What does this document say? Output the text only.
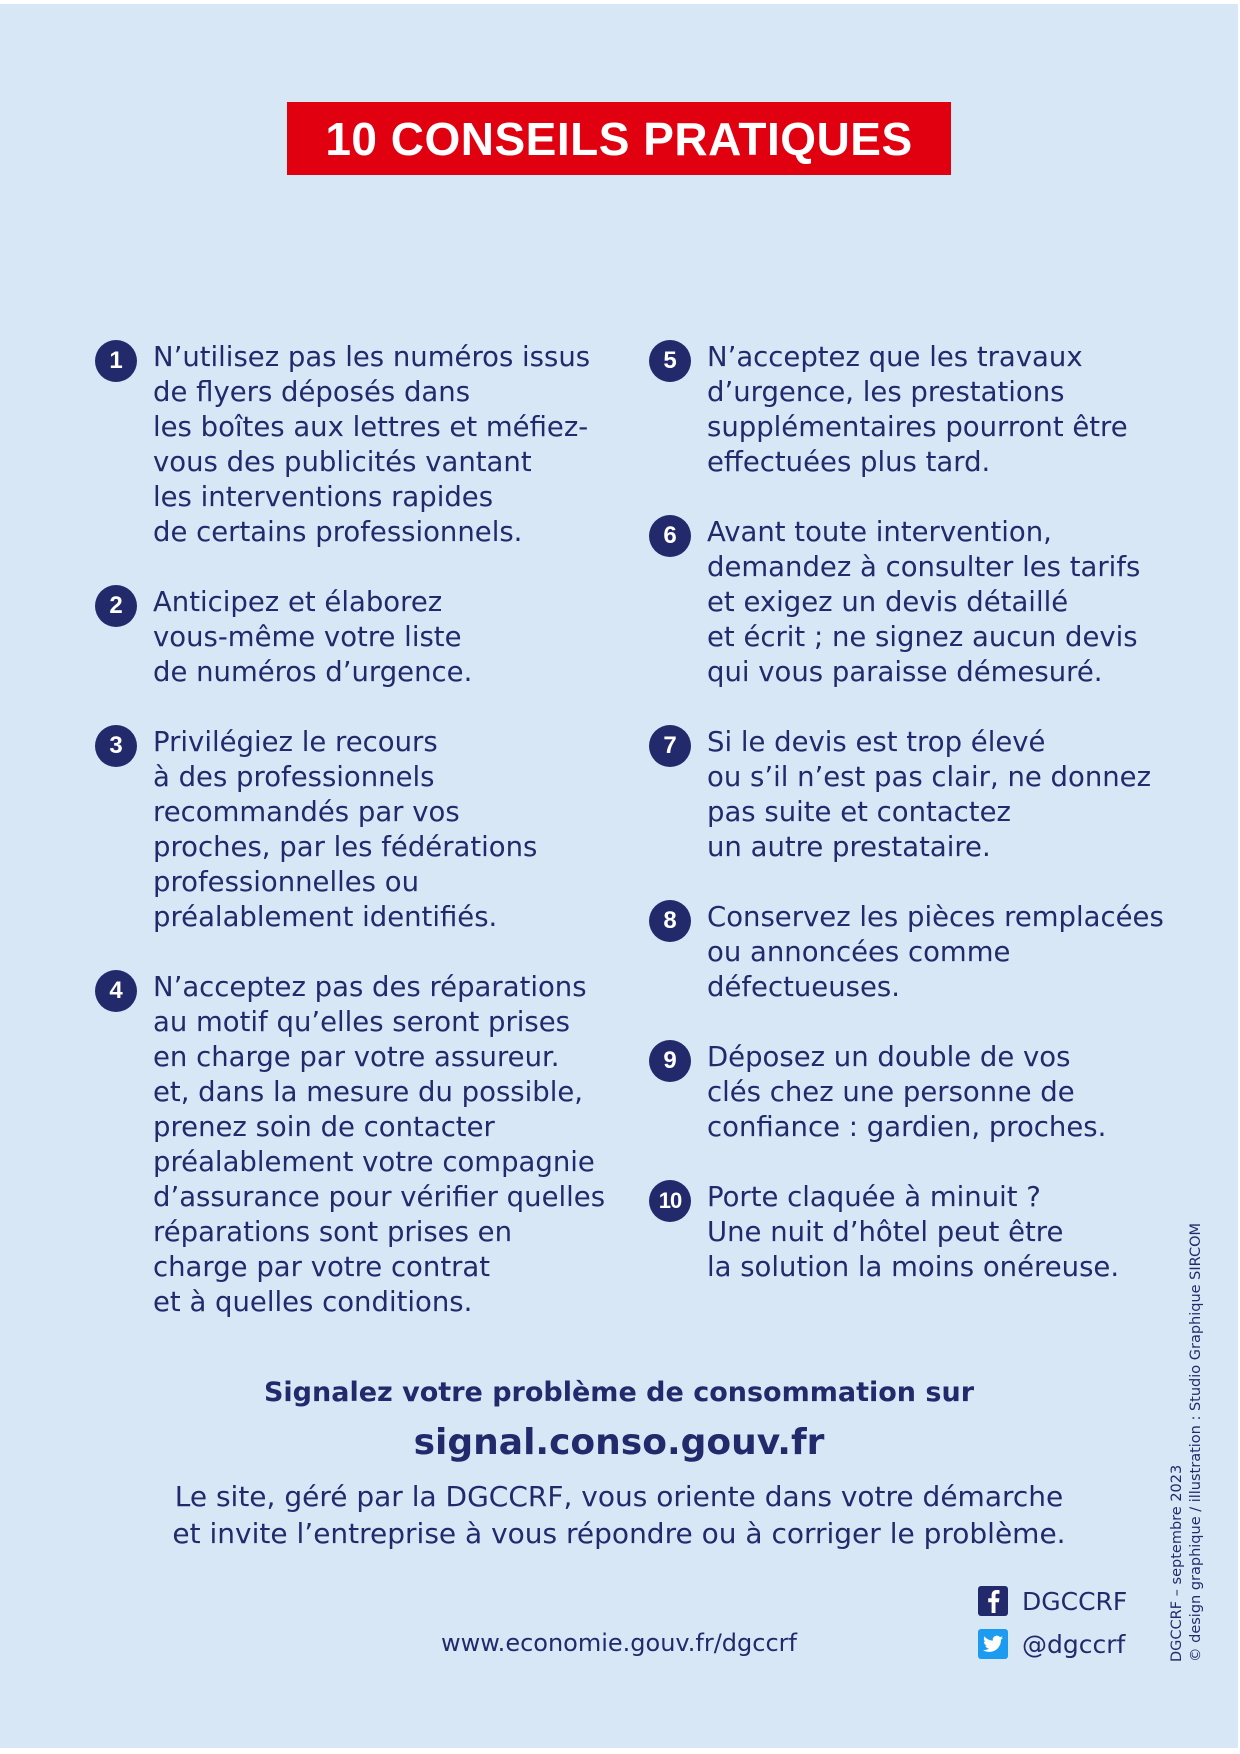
10 CONSEILS PRATIQUES
1	N’utilisez pas les numéros issus
de flyers déposés dans
les boîtes aux lettres et méfiez-
vous des publicités vantant
les interventions rapides
de certains professionnels.
2	Anticipez et élaborez
vous-même votre liste
de numéros d’urgence.
3	Privilégiez le recours
à des professionnels
recommandés par vos
proches, par les fédérations
professionnelles ou
préalablement identifiés.
4	N’acceptez pas des réparations
au motif qu’elles seront prises
en charge par votre assureur.
et, dans la mesure du possible,
prenez soin de contacter
préalablement votre compagnie
d’assurance pour vérifier quelles
réparations sont prises en
charge par votre contrat
et à quelles conditions.
5	N’acceptez que les travaux
d’urgence, les prestations
supplémentaires pourront être
effectuées plus tard.
6	Avant toute intervention,
demandez à consulter les tarifs
et exigez un devis détaillé
et écrit ; ne signez aucun devis
qui vous paraisse démesuré.
7	Si le devis est trop élevé
ou s’il n’est pas clair, ne donnez
pas suite et contactez
un autre prestataire.
8	Conservez les pièces remplacées
ou annoncées comme
défectueuses.
9	Déposez un double de vos
clés chez une personne de
confiance : gardien, proches.
10 Porte claquée à minuit ?
Une nuit d’hôtel peut être
la solution la moins onéreuse.
Signalez votre problème de consommation sur
signal.conso.gouv.fr
Le site, géré par la DGCCRF, vous oriente dans votre démarche
et invite l’entreprise à vous répondre ou à corriger le problème.
www.economie.gouv.fr/dgccrf
DGCCRF
@dgccrf	DGCCRF – septembre 2023 © design graphique / illustration : Studio Graphique SIRCOM
